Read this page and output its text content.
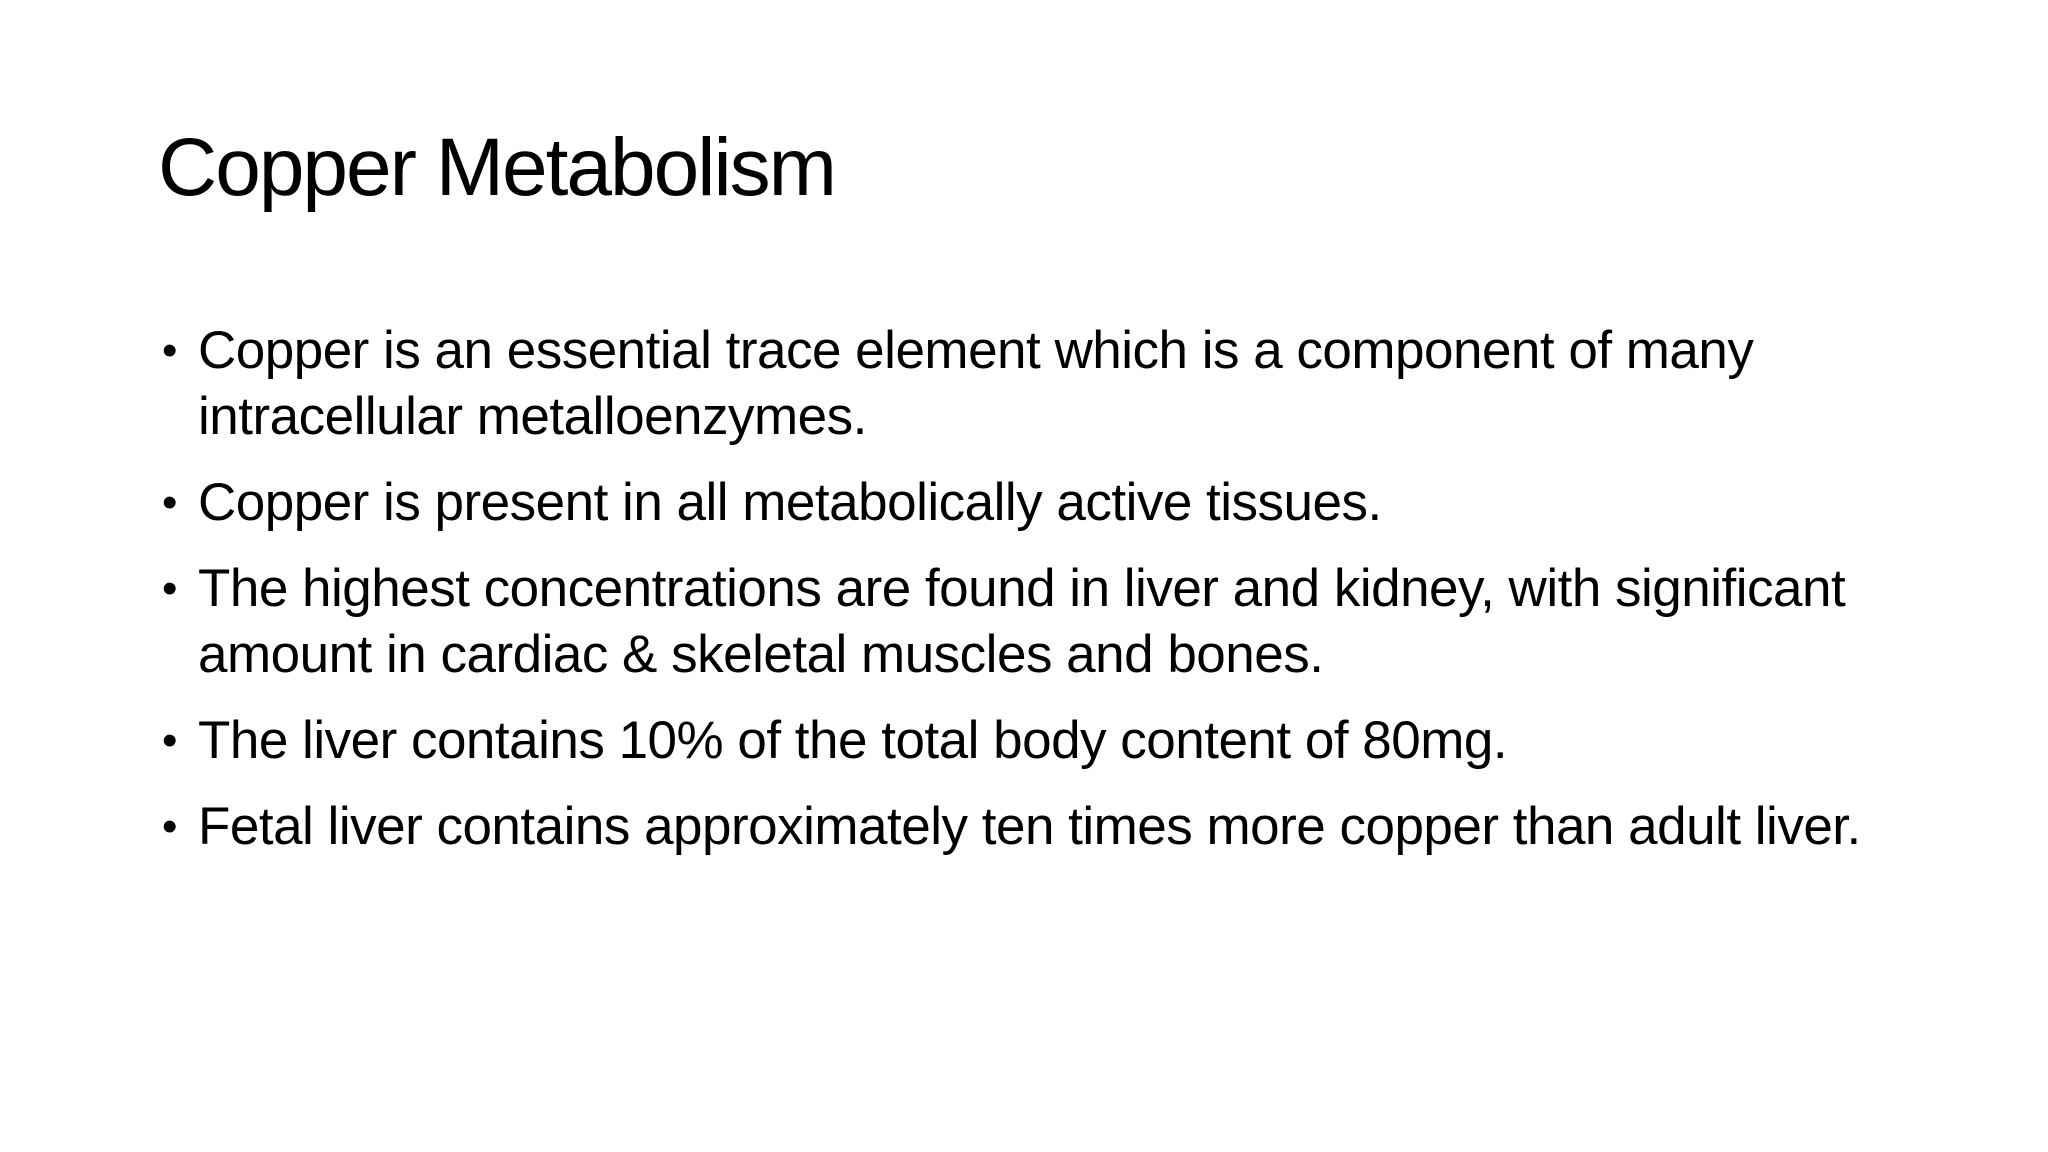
Copper Metabolism
• Copper is an essential trace element which is a component of many intracellular metalloenzymes.
• Copper is present in all metabolically active tissues.
• The highest concentrations are found in liver and kidney, with significant amount in cardiac & skeletal muscles and bones.
• The liver contains 10% of the total body content of 80mg.
• Fetal liver contains approximately ten times more copper than adult liver.
